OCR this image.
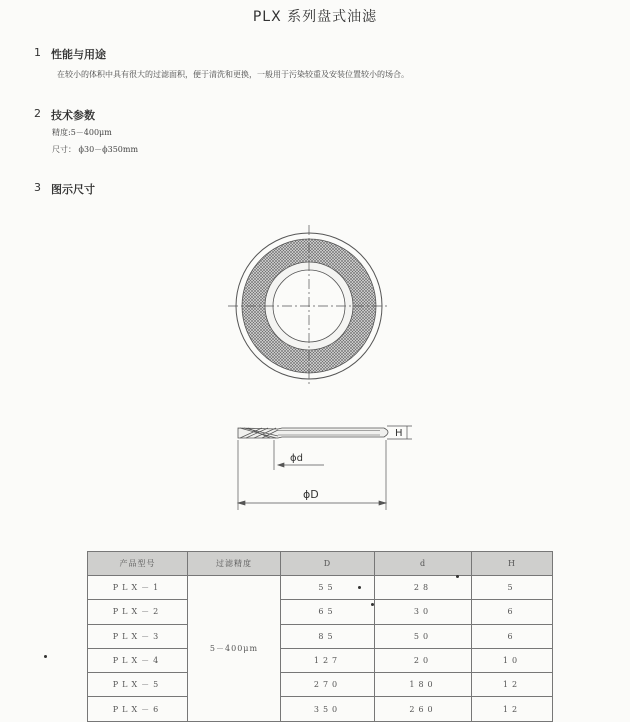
PLX 系列盘式油滤
1 性能与用途
在较小的体积中具有很大的过滤面积，便于清洗和更换，一般用于污染较重及安装位置较小的场合。
2 技术参数
精度:5－400μm
尺寸： ϕ30－ϕ350mm
3 图示尺寸
ϕd
ϕD
H
产品型号	过滤精度	D	d	H
PLX－1	5－400μm	55	28	5
PLX－2		65	30	6
PLX－3		85	50	6
PLX－4		127	20	10
PLX－5		270	180	12
PLX－6		350	260	12
